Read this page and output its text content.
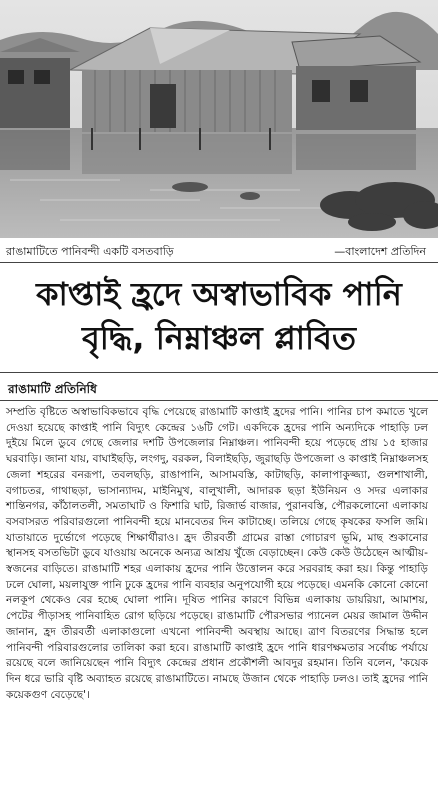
রাঙামাটিতে পানিবন্দী একটি বসতবাড়ি	—বাংলাদেশ প্রতিদিন
কাপ্তাই হ্রদে অস্বাভাবিক পানি
বৃদ্ধি, নিম্নাঞ্চল প্লাবিত
রাঙামাটি প্রতিনিধি

সম্প্রতি বৃষ্টিতে অস্বাভাবিকভাবে বৃদ্ধি পেয়েছে রাঙামাটি কাপ্তাই হ্রদের পানি। পানির চাপ কমাতে খুলে দেওয়া হয়েছে কাপ্তাই পানি বিদ্যুৎ কেন্দ্রের ১৬টি গেট। একদিকে হ্রদের পানি অন্যদিকে পাহাড়ি ঢল দুইয়ে মিলে ডুবে গেছে জেলার দশটি উপজেলার নিম্নাঞ্চল। পানিবন্দী হয়ে পড়েছে প্রায় ১৫ হাজার ঘরবাড়ি। জানা যায়, বাঘাইছড়ি, লংগদু, বরকল, বিলাইছড়ি, জুরাছড়ি উপজেলা ও কাপ্তাই নিম্নাঞ্চলসহ জেলা শহরের বনরূপা, তবলছড়ি, রাঙাপানি, আসামবস্তি, কাটাছড়ি, কালাপাকুজ্জ্যা, গুলশাখালী, বগাচতর, গাথাছড়া, ভাসান্যাদম, মাইনিমুখ, বালুখালী, আদারক ছড়া ইউনিয়ন ও সদর এলাকার শান্তিনগর, কাঁঠালতলী, সমতাঘাট ও ফিশারি ঘাট, রিজার্ভ বাজার, পুরানবস্তি, পৌরকলোনো এলাকায় বসবাসরত পরিবারগুলো পানিবন্দী হয়ে মানবেতর দিন কাটাচ্ছে। তলিয়ে গেছে কৃষকের ফসলি জমি। যাতায়াতে দুর্ভোগে পড়েছে শিক্ষার্থীরাও। হ্রদ তীরবর্তী গ্রামের রাস্তা গোচারণ ভূমি, মাছ শুকানোর স্থানসহ বসতভিটা ডুবে যাওয়ায় অনেকে অন্যত্র আশ্রয় খুঁজে বেড়াচ্ছেন। কেউ কেউ উঠেছেন আত্মীয়-স্বজনের বাড়িতে। রাঙামাটি শহর এলাকায় হ্রদের পানি উত্তোলন করে সরবরাহ করা হয়। কিন্তু পাহাড়ি ঢলে ঘোলা, ময়লাযুক্ত পানি ঢুকে হ্রদের পানি ব্যবহার অনুপযোগী হয়ে পড়েছে। এমনকি কোনো কোনো নলকূপ থেকেও বের হচ্ছে ঘোলা পানি। দূষিত পানির কারণে বিভিন্ন এলাকায় ডায়রিয়া, আমাশয়, পেটের পীড়াসহ পানিবাহিত রোগ ছড়িয়ে পড়েছে। রাঙামাটি পৌরসভার প্যানেল মেয়র জামাল উদ্দীন জানান, হ্রদ তীরবর্তী এলাকাগুলো এখনো পানিবন্দী অবস্থায় আছে। ত্রাণ বিতরণের সিদ্ধান্ত হলে পানিবন্দী পরিবারগুলোর তালিকা করা হবে। রাঙামাটি কাপ্তাই হ্রদে পানি ধারণক্ষমতার সর্বোচ্চ পর্যায়ে রয়েছে বলে জানিয়েছেন পানি বিদ্যুৎ কেন্দ্রের প্রধান প্রকৌশলী আবদুর রহমান। তিনি বলেন, 'কয়েক দিন ধরে ভারি বৃষ্টি অব্যাহত রয়েছে রাঙামাটিতে। নামছে উজান থেকে পাহাড়ি ঢলও। তাই হ্রদের পানি কয়েকগুণ বেড়েছে'।
